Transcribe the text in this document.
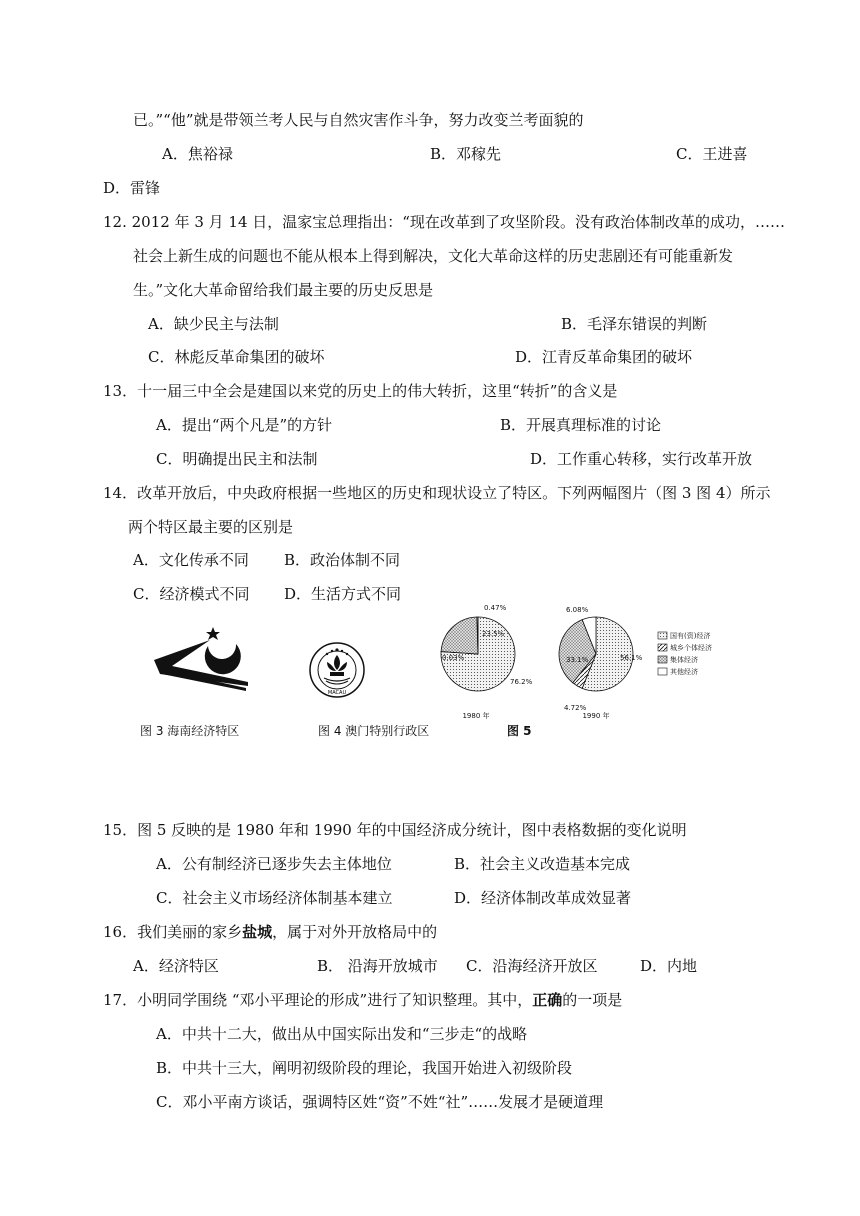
已。”“他”就是带领兰考人民与自然灾害作斗争，努力改变兰考面貌的
A．焦裕禄	B．邓稼先	C．王进喜
D．雷锋
12. 2012 年 3 月 14 日，温家宝总理指出：“现在改革到了攻坚阶段。没有政治体制改革的成功，……
社会上新生成的问题也不能从根本上得到解决，文化大革命这样的历史悲剧还有可能重新发
生。”文化大革命留给我们最主要的历史反思是
A．缺少民主与法制	B．毛泽东错误的判断
C．林彪反革命集团的破坏	D．江青反革命集团的破坏
13．十一届三中全会是建国以来党的历史上的伟大转折，这里“转折”的含义是
A．提出“两个凡是”的方针	B．开展真理标准的讨论
C．明确提出民主和法制	D．工作重心转移，实行改革开放
14．改革开放后，中央政府根据一些地区的历史和现状设立了特区。下列两幅图片（图 3 图 4）所示
两个特区最主要的区别是
A．文化传承不同 B．政治体制不同
C．经济模式不同 D．生活方式不同
MACAU
76.2%
0.03%
23.5%
0.47%
1980 年
56.1%
4.72%
33.1%
6.08%
1990 年
国有(资)经济
城乡个体经济
集体经济
其他经济
图 3 海南经济特区	图 4 澳门特别行政区	图 5
15．图 5 反映的是 1980 年和 1990 年的中国经济成分统计，图中表格数据的变化说明
A．公有制经济已逐步失去主体地位	B．社会主义改造基本完成
C．社会主义市场经济体制基本建立	D．经济体制改革成效显著
16．我们美丽的家乡盐城，属于对外开放格局中的
A．经济特区	B． 沿海开放城市 C．沿海经济开放区	D．内地
17．小明同学围绕 “邓小平理论的形成”进行了知识整理。其中，正确的一项是
A．中共十二大，做出从中国实际出发和“三步走“的战略
B．中共十三大，阐明初级阶段的理论，我国开始进入初级阶段
C．邓小平南方谈话，强调特区姓“资”不姓“社”……发展才是硬道理
